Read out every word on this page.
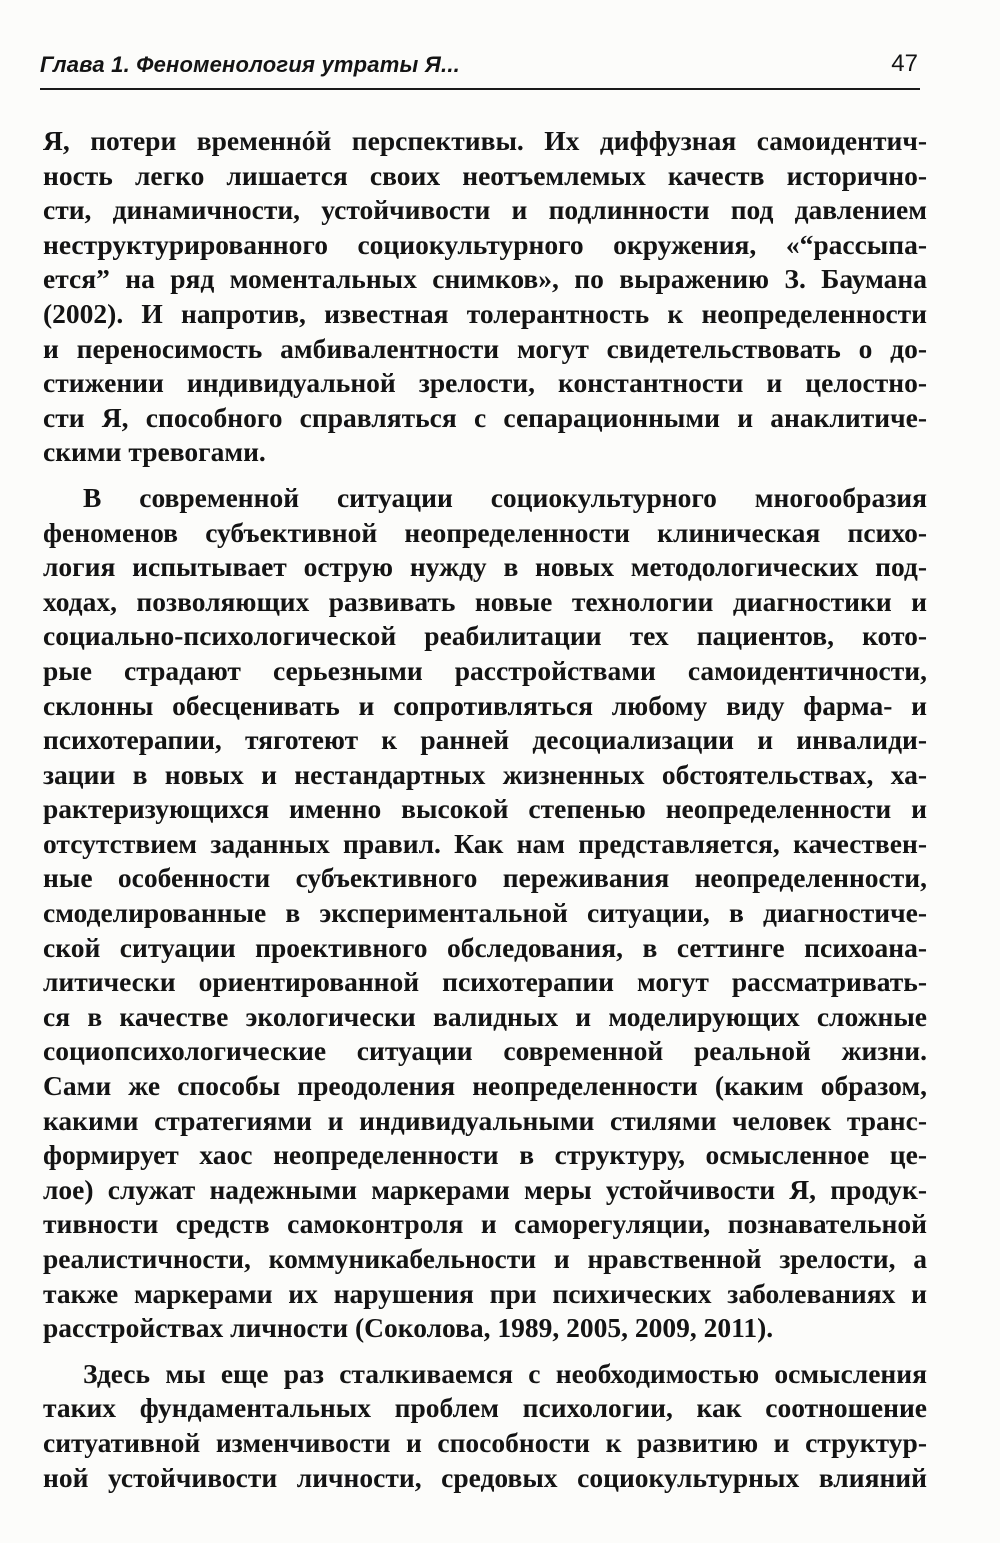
Глава 1. Феноменология утраты Я...	47

Я, потери временнóй перспективы. Их диффузная самоидентич-
ность легко лишается своих неотъемлемых качеств исторично-
сти, динамичности, устойчивости и подлинности под давлением
неструктурированного социокультурного окружения, «“рассыпа-
ется” на ряд моментальных снимков», по выражению З. Баумана
(2002). И напротив, известная толерантность к неопределенности
и переносимость амбивалентности могут свидетельствовать о до-
стижении индивидуальной зрелости, константности и целостно-
сти Я, способного справляться с сепарационными и анаклитиче-
скими тревогами.

В современной ситуации социокультурного многообразия
феноменов субъективной неопределенности клиническая психо-
логия испытывает острую нужду в новых методологических под-
ходах, позволяющих развивать новые технологии диагностики и
социально-психологической реабилитации тех пациентов, кото-
рые страдают серьезными расстройствами самоидентичности,
склонны обесценивать и сопротивляться любому виду фарма- и
психотерапии, тяготеют к ранней десоциализации и инвалиди-
зации в новых и нестандартных жизненных обстоятельствах, ха-
рактеризующихся именно высокой степенью неопределенности и
отсутствием заданных правил. Как нам представляется, качествен-
ные особенности субъективного переживания неопределенности,
смоделированные в экспериментальной ситуации, в диагностиче-
ской ситуации проективного обследования, в сеттинге психоана-
литически ориентированной психотерапии могут рассматривать-
ся в качестве экологически валидных и моделирующих сложные
социопсихологические ситуации современной реальной жизни.
Сами же способы преодоления неопределенности (каким образом,
какими стратегиями и индивидуальными стилями человек транс-
формирует хаос неопределенности в структуру, осмысленное це-
лое) служат надежными маркерами меры устойчивости Я, продук-
тивности средств самоконтроля и саморегуляции, познавательной
реалистичности, коммуникабельности и нравственной зрелости, а
также маркерами их нарушения при психических заболеваниях и
расстройствах личности (Соколова, 1989, 2005, 2009, 2011).

Здесь мы еще раз сталкиваемся с необходимостью осмысления
таких фундаментальных проблем психологии, как соотношение
ситуативной изменчивости и способности к развитию и структур-
ной устойчивости личности, средовых социокультурных влияний
